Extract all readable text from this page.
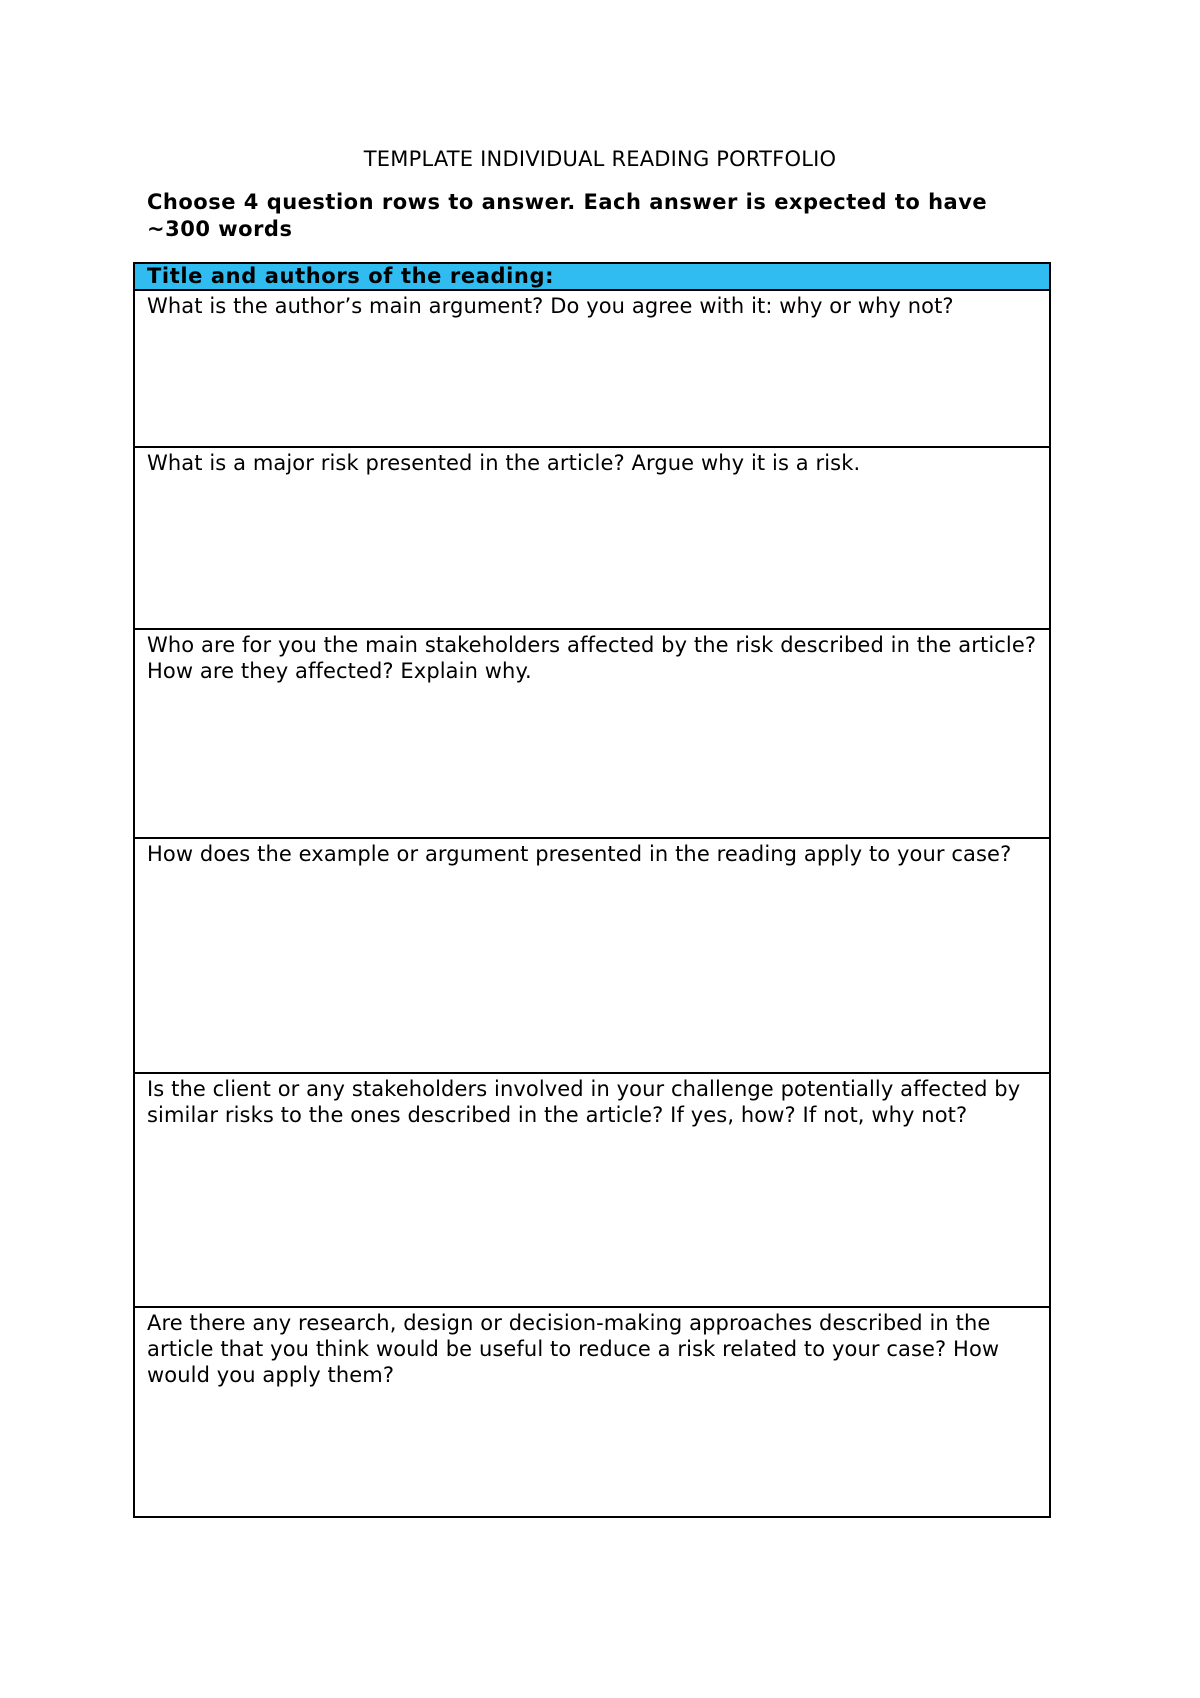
TEMPLATE INDIVIDUAL READING PORTFOLIO
Choose 4 question rows to answer. Each answer is expected to have ~300 words
Title and authors of the reading:
What is the author’s main argument? Do you agree with it: why or why not?
What is a major risk presented in the article? Argue why it is a risk.
Who are for you the main stakeholders affected by the risk described in the article? How are they affected? Explain why.
How does the example or argument presented in the reading apply to your case?
Is the client or any stakeholders involved in your challenge potentially affected by similar risks to the ones described in the article? If yes, how? If not, why not?
Are there any research, design or decision-making approaches described in the article that you think would be useful to reduce a risk related to your case? How would you apply them?
